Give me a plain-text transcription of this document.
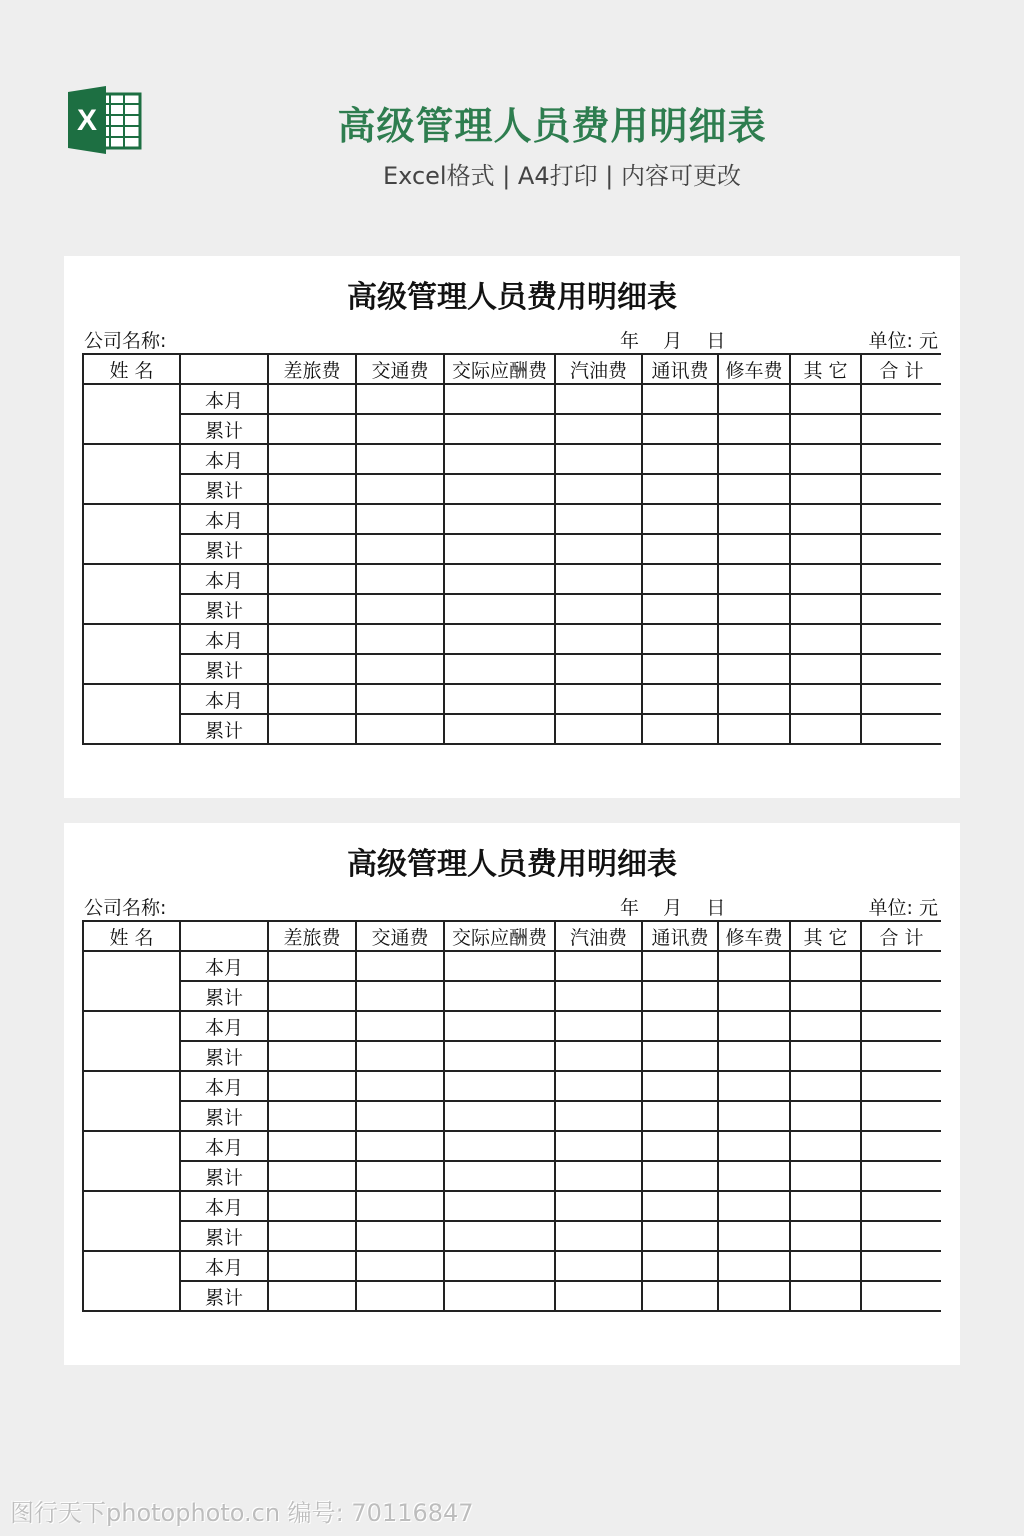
X	高级管理人员费用明细表
Excel格式 | A4打印 | 内容可更改
高级管理人员费用明细表
公司名称:	年    月    日	单位: 元
姓 名		差旅费	交通费	交际应酬费	汽油费	通讯费	修车费	其 它	合 计
	本月								
	累计								
	本月								
	累计								
	本月								
	累计								
	本月								
	累计								
	本月								
	累计								
	本月								
	累计								
高级管理人员费用明细表
公司名称:	年    月    日	单位: 元
姓 名		差旅费	交通费	交际应酬费	汽油费	通讯费	修车费	其 它	合 计
	本月								
	累计								
	本月								
	累计								
	本月								
	累计								
	本月								
	累计								
	本月								
	累计								
	本月								
	累计								
图行天下photophoto.cn 编号: 70116847
